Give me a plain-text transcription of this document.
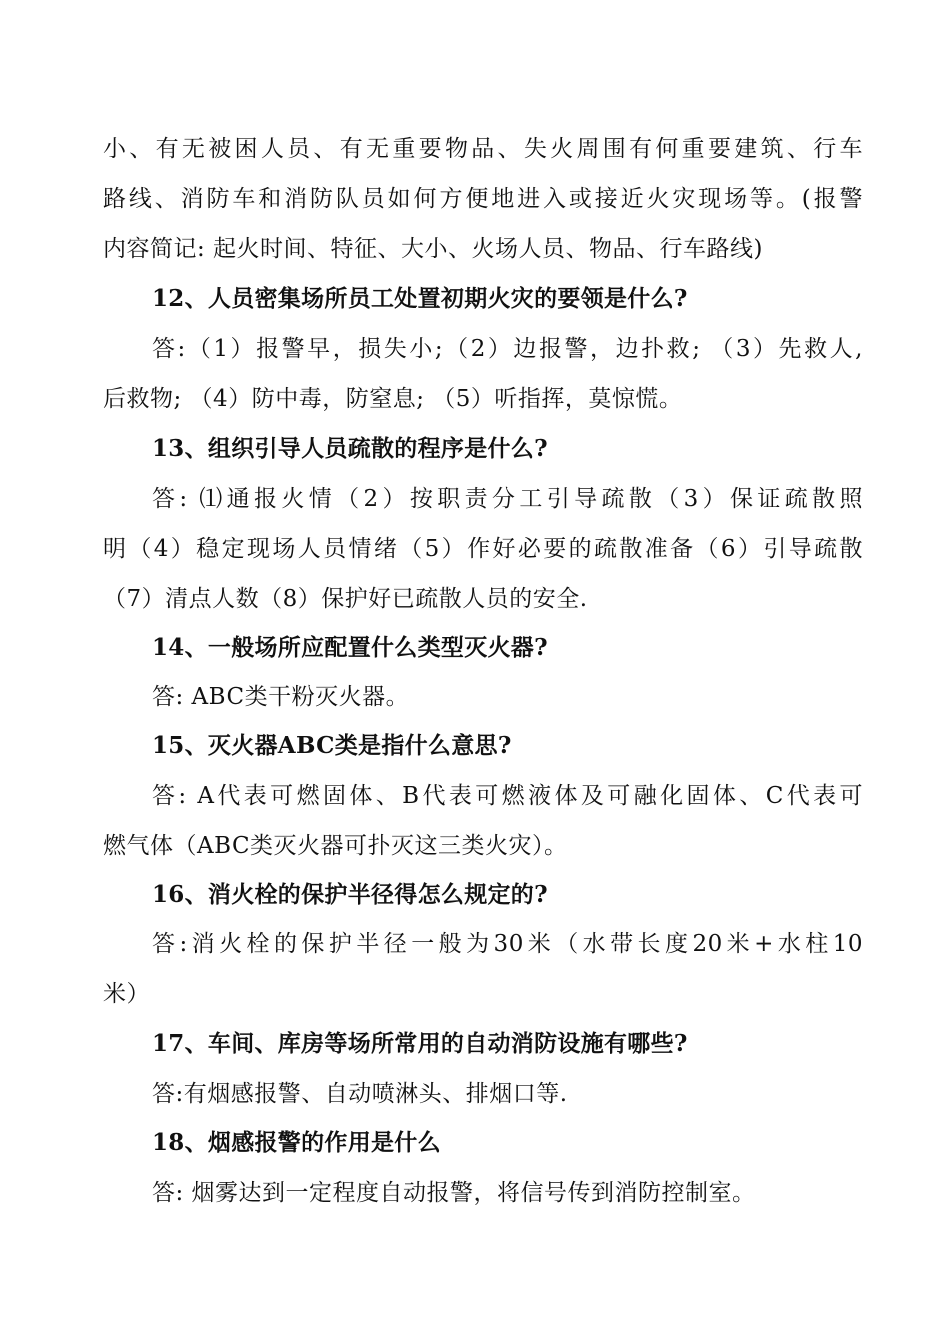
小、有无被困人员、有无重要物品、失火周围有何重要建筑、行车
路线、消防车和消防队员如何方便地进入或接近火灾现场等。(报警
内容简记: 起火时间、特征、大小、火场人员、物品、行车路线)
12、人员密集场所员工处置初期火灾的要领是什么?
答:（1）报警早，损失小;（2）边报警，边扑救; （3）先救人,
后救物; （4）防中毒，防窒息; （5）听指挥，莫惊慌。
13、组织引导人员疏散的程序是什么?
答: ⑴通报火情（2）按职责分工引导疏散（3）保证疏散照
明（4）稳定现场人员情绪（5）作好必要的疏散准备（6）引导疏散
（7）清点人数（8）保护好已疏散人员的安全.
14、一般场所应配置什么类型灭火器?
答: ABC类干粉灭火器。
15、灭火器ABC类是指什么意思?
答: A代表可燃固体、B代表可燃液体及可融化固体、C代表可
燃气体（ABC类灭火器可扑灭这三类火灾）。
16、消火栓的保护半径得怎么规定的?
答:消火栓的保护半径一般为30米（水带长度20米+水柱10
米）
17、车间、库房等场所常用的自动消防设施有哪些?
答:有烟感报警、自动喷淋头、排烟口等.
18、烟感报警的作用是什么
答: 烟雾达到一定程度自动报警，将信号传到消防控制室。
